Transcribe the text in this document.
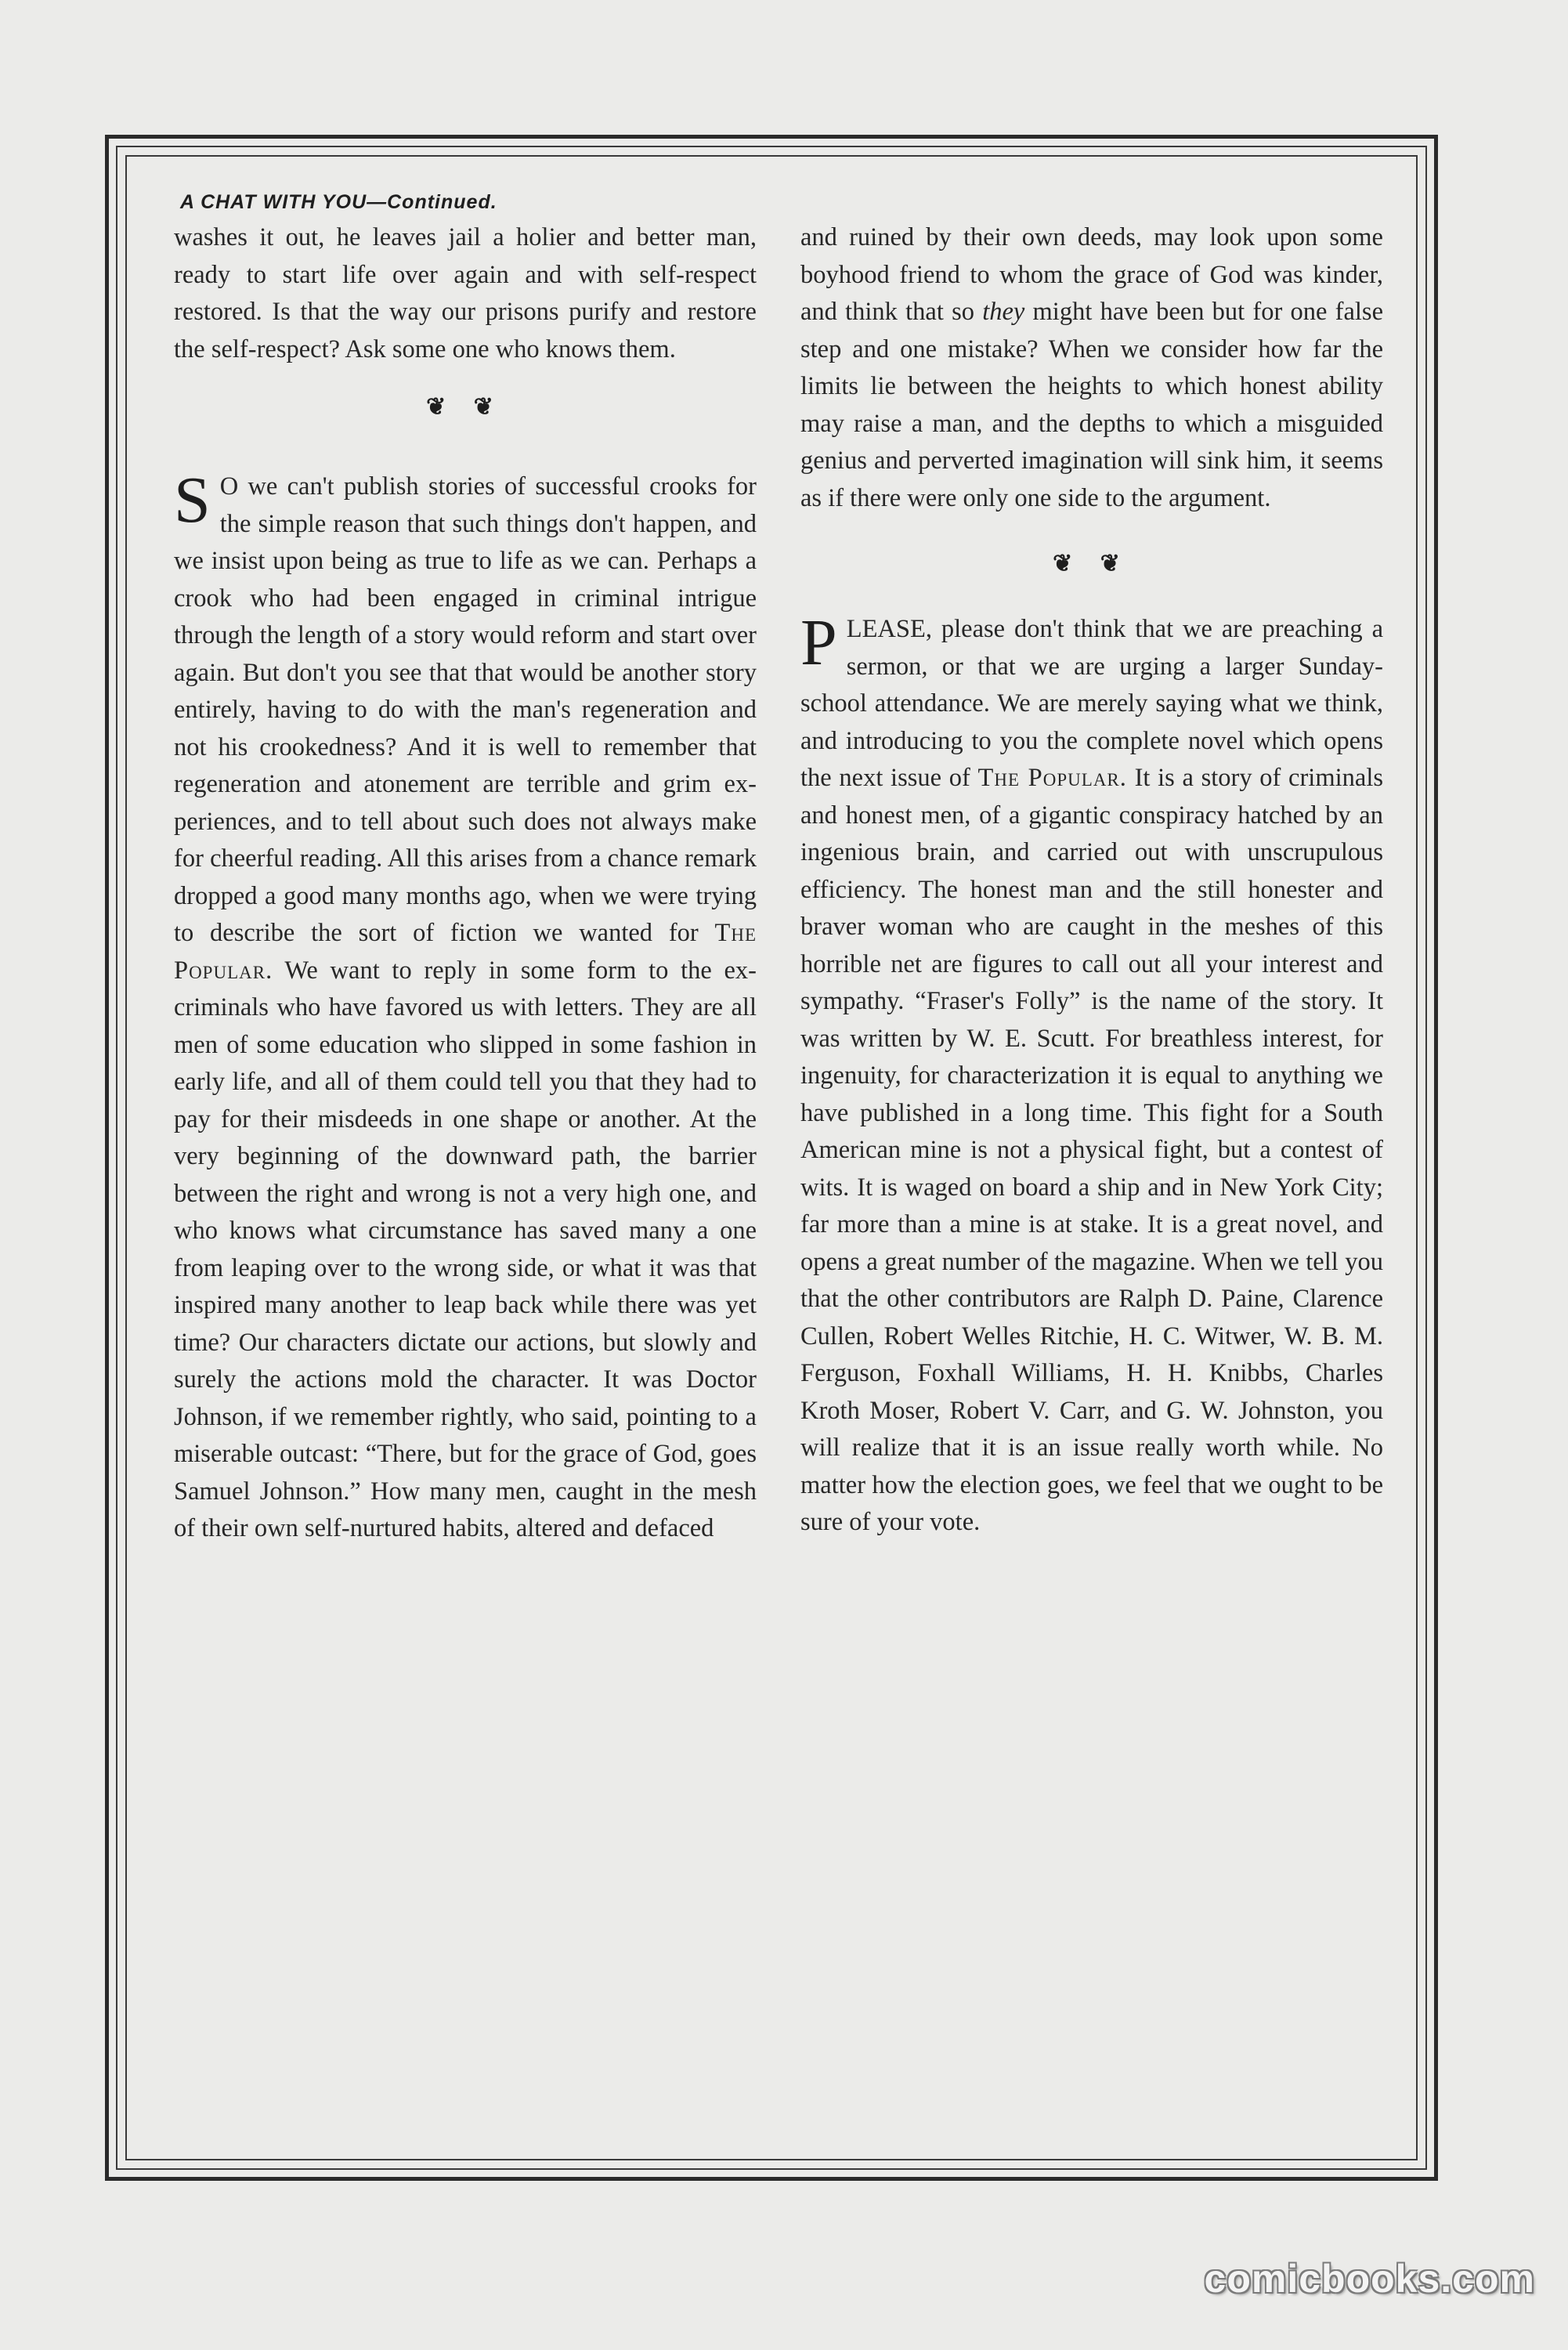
A CHAT WITH YOU—Continued.

washes it out, he leaves jail a holier and better man, ready to start life over again and with self-respect restored. Is that the way our prisons purify and restore the self-respect? Ask some one who knows them.

❦ ❦

S O we can't publish stories of successful crooks for the simple reason that such things don't happen, and we insist upon being as true to life as we can. Perhaps a crook who had been engaged in criminal intrigue through the length of a story would reform and start over again. But don't you see that that would be another story entirely, having to do with the man's regeneration and not his crookedness? And it is well to remember that regeneration and atonement are terrible and grim experiences, and to tell about such does not always make for cheerful reading. All this arises from a chance remark dropped a good many months ago, when we were trying to describe the sort of fiction we wanted for The Popular. We want to reply in some form to the ex-criminals who have favored us with letters. They are all men of some education who slipped in some fashion in early life, and all of them could tell you that they had to pay for their misdeeds in one shape or another. At the very beginning of the downward path, the barrier between the right and wrong is not a very high one, and who knows what circumstance has saved many a one from leaping over to the wrong side, or what it was that inspired many another to leap back while there was yet time? Our characters dictate our actions, but slowly and surely the actions mold the character. It was Doctor Johnson, if we remember rightly, who said, pointing to a miserable outcast: “There, but for the grace of God, goes Samuel Johnson.” How many men, caught in the mesh of their own self-nurtured habits, altered and defaced

and ruined by their own deeds, may look upon some boyhood friend to whom the grace of God was kinder, and think that so they might have been but for one false step and one mistake? When we consider how far the limits lie between the heights to which honest ability may raise a man, and the depths to which a misguided genius and perverted imagination will sink him, it seems as if there were only one side to the argument.

❦ ❦

PLEASE, please don't think that we are preaching a sermon, or that we are urging a larger Sunday-school attendance. We are merely saying what we think, and introducing to you the complete novel which opens the next issue of The Popular. It is a story of criminals and honest men, of a gigantic conspiracy hatched by an ingenious brain, and carried out with unscrupulous efficiency. The honest man and the still honester and braver woman who are caught in the meshes of this horrible net are figures to call out all your interest and sympathy. “Fraser's Folly” is the name of the story. It was written by W. E. Scutt. For breathless interest, for ingenuity, for characterization it is equal to anything we have published in a long time. This fight for a South American mine is not a physical fight, but a contest of wits. It is waged on board a ship and in New York City; far more than a mine is at stake. It is a great novel, and opens a great number of the magazine. When we tell you that the other contributors are Ralph D. Paine, Clarence Cullen, Robert Welles Ritchie, H. C. Witwer, W. B. M. Ferguson, Foxhall Williams, H. H. Knibbs, Charles Kroth Moser, Robert V. Carr, and G. W. Johnston, you will realize that it is an issue really worth while. No matter how the election goes, we feel that we ought to be sure of your vote.

comicbooks.com
